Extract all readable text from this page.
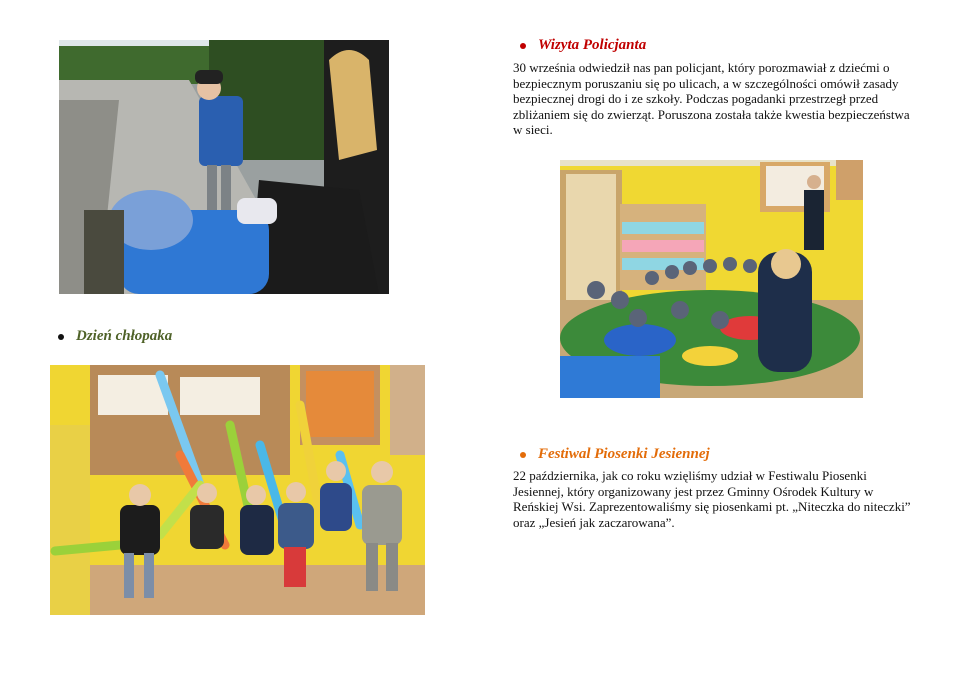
Wizyta Policjanta
30 września odwiedził nas pan policjant, który porozmawiał z dziećmi o bezpiecznym poruszaniu się po ulicach, a w szczególności omówił zasady bezpiecznej drogi do i ze szkoły. Podczas pogadanki przestrzegł przed zbliżaniem się do zwierząt. Poruszona została także kwestia bezpieczeństwa w sieci.
Dzień chłopaka
Festiwal Piosenki Jesiennej
22 października, jak co roku wzięliśmy udział w Festiwalu Piosenki Jesiennej, który organizowany jest przez Gminny Ośrodek Kultury w Reńskiej Wsi. Zaprezentowaliśmy się piosenkami pt. „Niteczka do niteczki” oraz „Jesień jak zaczarowana”.
